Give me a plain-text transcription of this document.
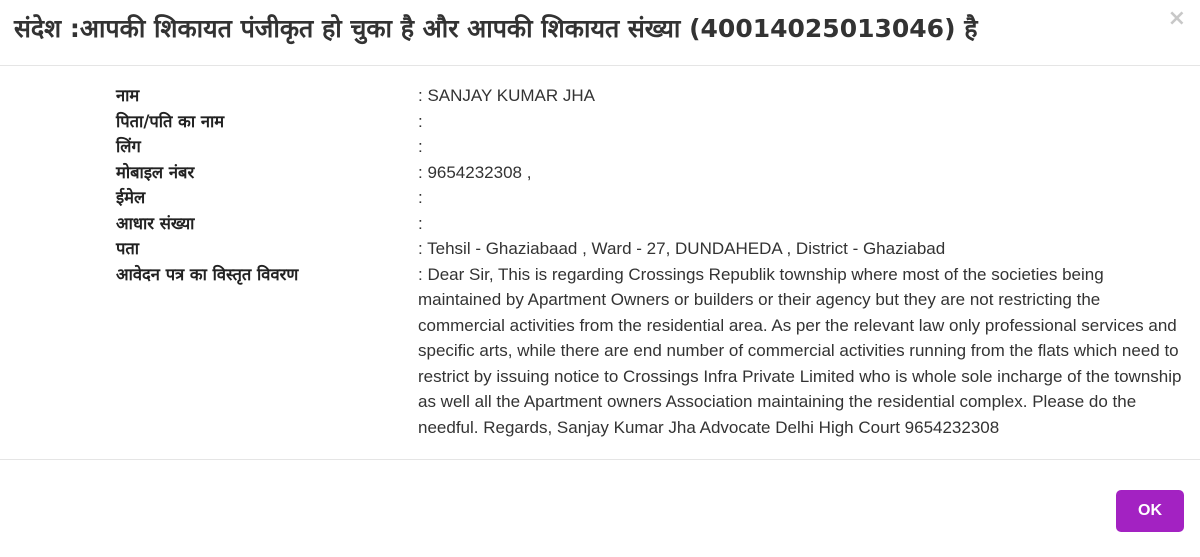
संदेश :आपकी शिकायत पंजीकृत हो चुका है और आपकी शिकायत संख्या (40014025013046) है	×
नाम	: SANJAY KUMAR JHA
पिता/पति का नाम	:
लिंग	:
मोबाइल नंबर	: 9654232308 ,
ईमेल	:
आधार संख्या	:
पता	: Tehsil - Ghaziabaad , Ward - 27, DUNDAHEDA , District - Ghaziabad
आवेदन पत्र का विस्तृत विवरण	: Dear Sir, This is regarding Crossings Republik township where most of the societies being maintained by Apartment Owners or builders or their agency but they are not restricting the commercial activities from the residential area. As per the relevant law only professional services and specific arts, while there are end number of commercial activities running from the flats which need to restrict by issuing notice to Crossings Infra Private Limited who is whole sole incharge of the township as well all the Apartment owners Association maintaining the residential complex. Please do the needful. Regards, Sanjay Kumar Jha Advocate Delhi High Court 9654232308
OK
